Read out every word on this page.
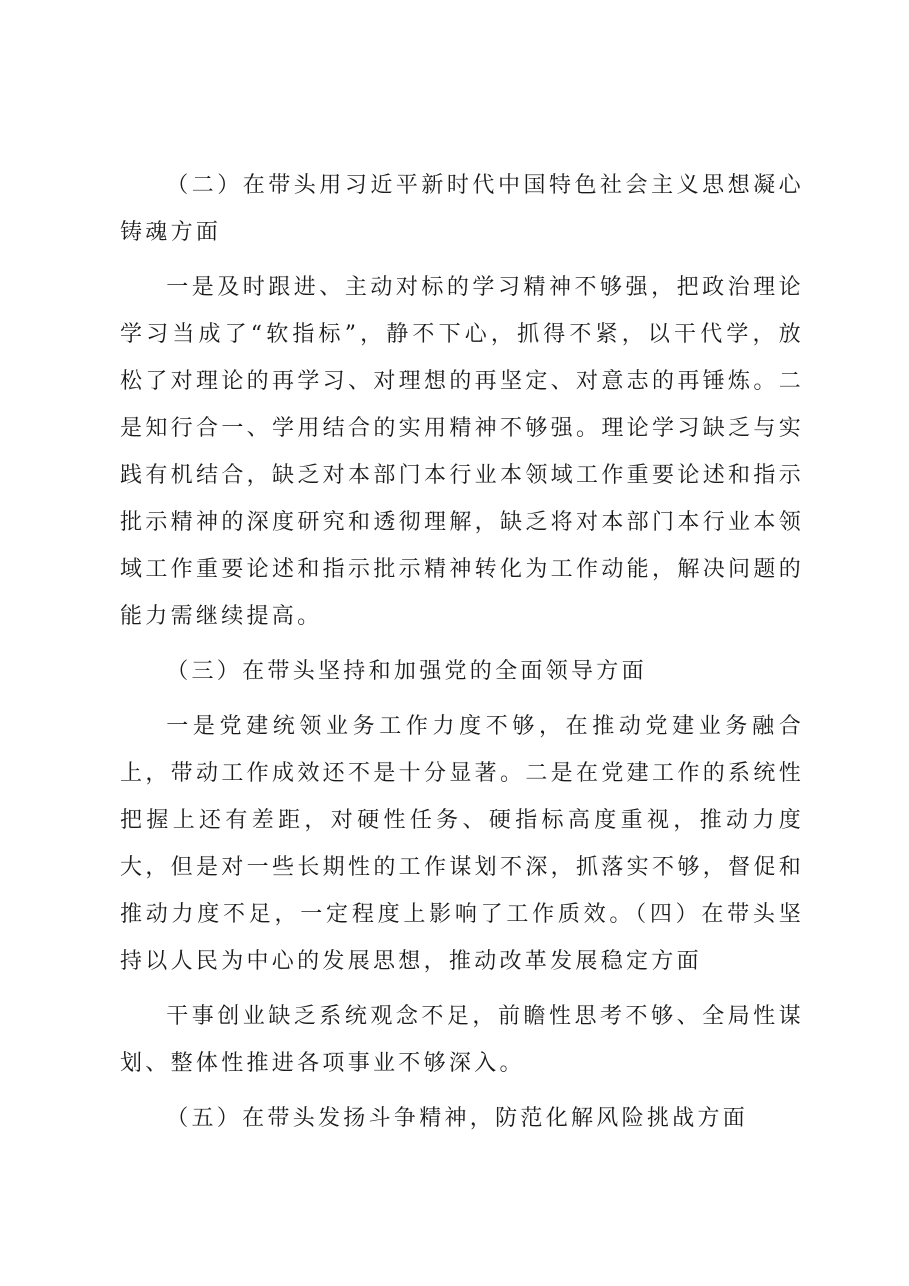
（二）在带头用习近平新时代中国特色社会主义思想凝心铸魂方面

一是及时跟进、主动对标的学习精神不够强，把政治理论学习当成了“软指标”，静不下心，抓得不紧，以干代学，放松了对理论的再学习、对理想的再坚定、对意志的再锤炼。二是知行合一、学用结合的实用精神不够强。理论学习缺乏与实践有机结合，缺乏对本部门本行业本领域工作重要论述和指示批示精神的深度研究和透彻理解，缺乏将对本部门本行业本领域工作重要论述和指示批示精神转化为工作动能，解决问题的能力需继续提高。

（三）在带头坚持和加强党的全面领导方面

一是党建统领业务工作力度不够，在推动党建业务融合上，带动工作成效还不是十分显著。二是在党建工作的系统性把握上还有差距，对硬性任务、硬指标高度重视，推动力度大，但是对一些长期性的工作谋划不深，抓落实不够，督促和推动力度不足，一定程度上影响了工作质效。（四）在带头坚持以人民为中心的发展思想，推动改革发展稳定方面

干事创业缺乏系统观念不足，前瞻性思考不够、全局性谋划、整体性推进各项事业不够深入。

（五）在带头发扬斗争精神，防范化解风险挑战方面
